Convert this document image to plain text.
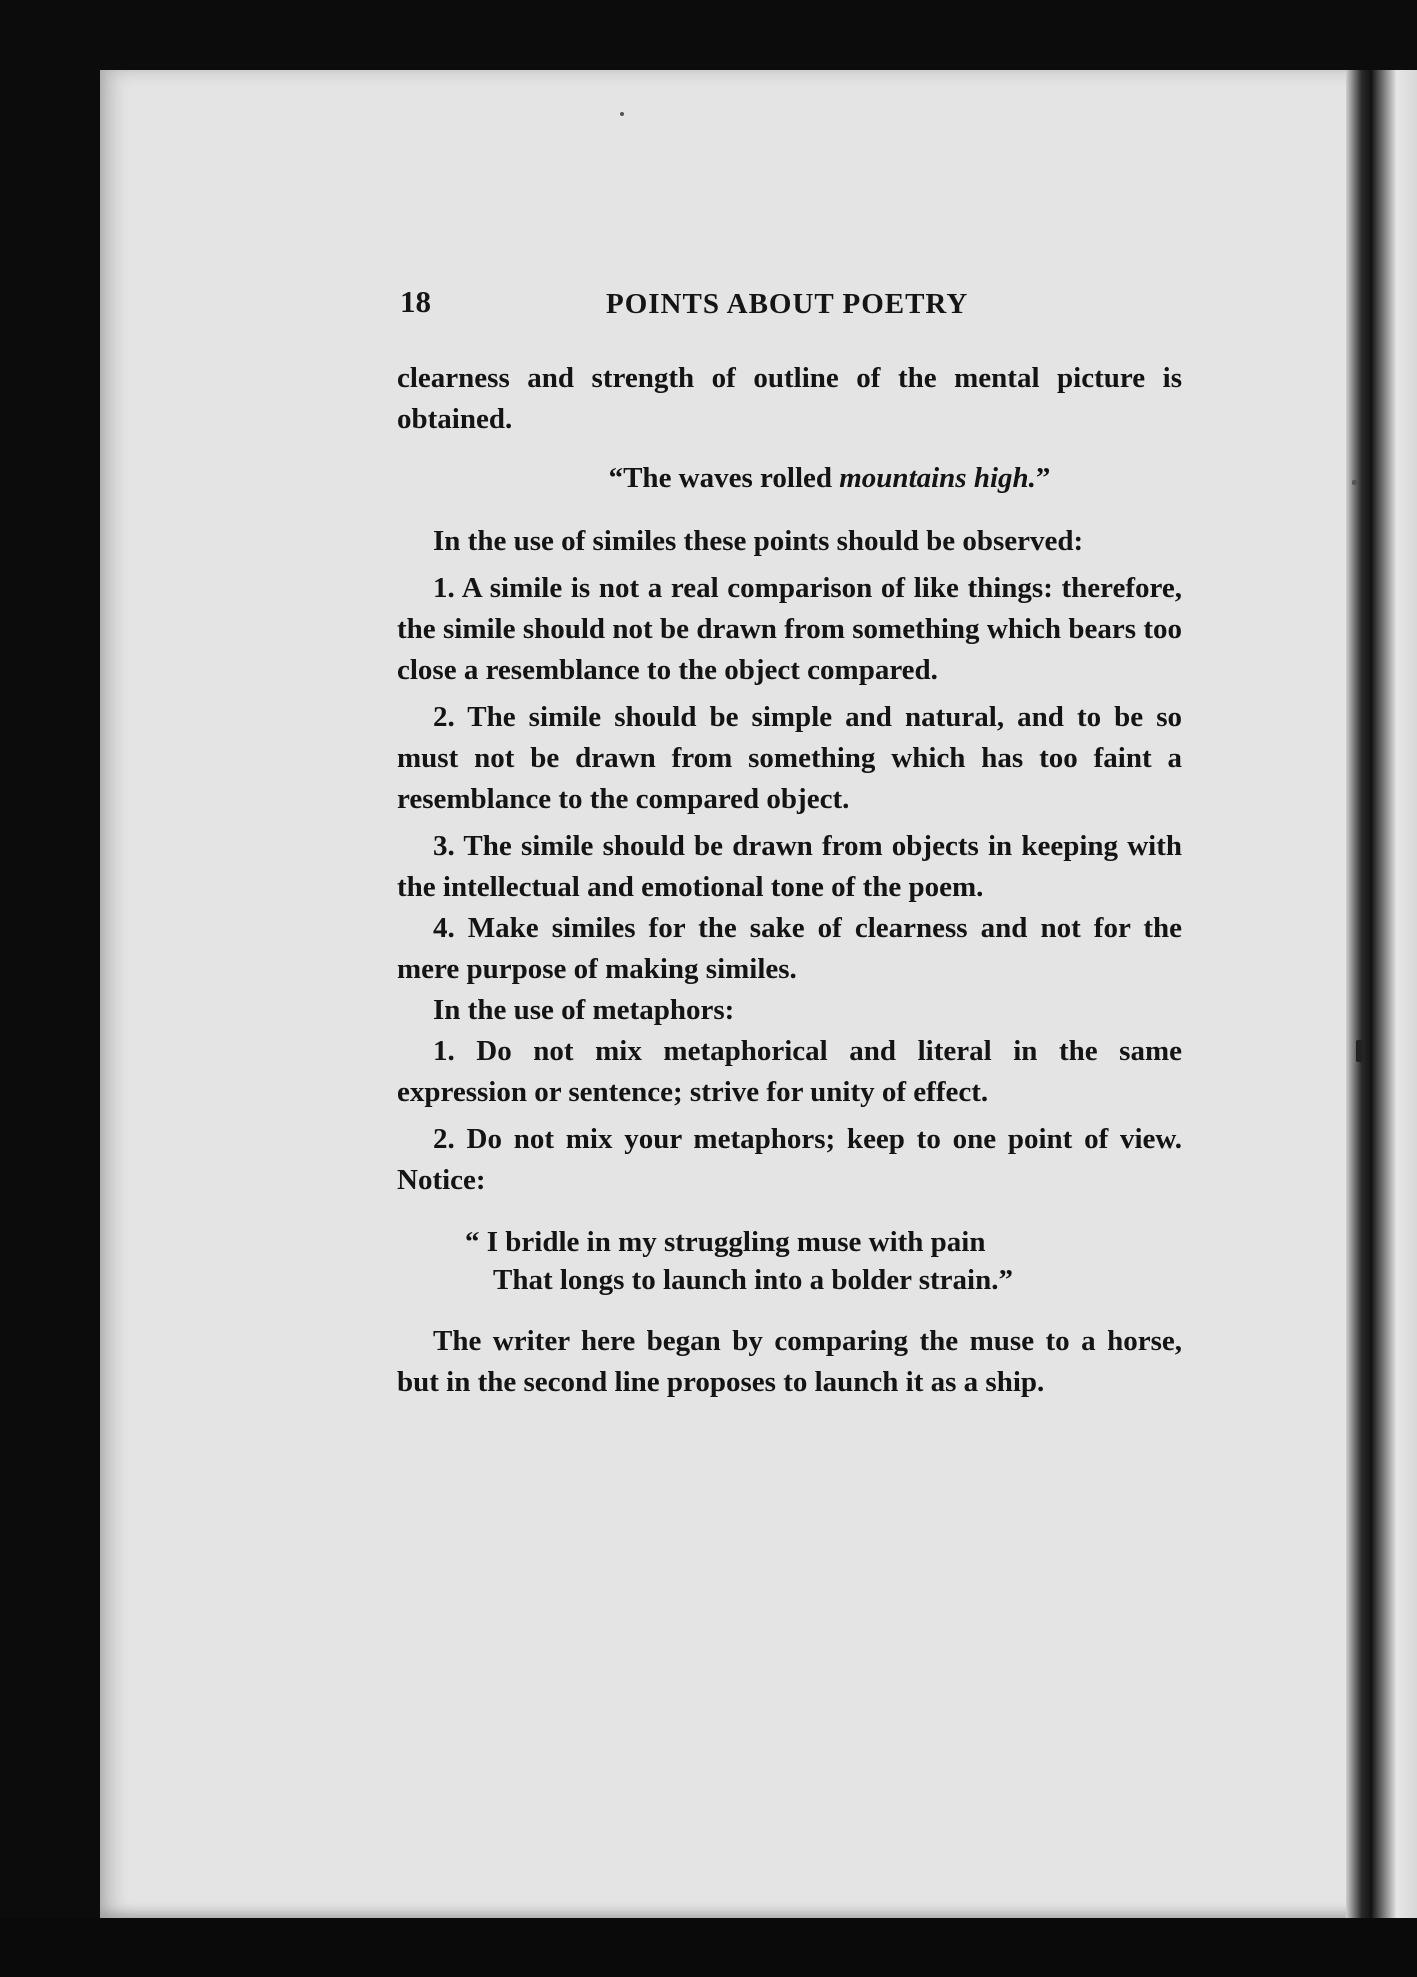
18	POINTS ABOUT POETRY

clearness and strength of outline of the mental picture is obtained.

“The waves rolled mountains high.”

In the use of similes these points should be observed:

1. A simile is not a real comparison of like things: therefore, the simile should not be drawn from something which bears too close a resemblance to the object compared.

2. The simile should be simple and natural, and to be so must not be drawn from something which has too faint a resemblance to the compared object.

3. The simile should be drawn from objects in keeping with the intellectual and emotional tone of the poem.

4. Make similes for the sake of clearness and not for the mere purpose of making similes.

In the use of metaphors:

1. Do not mix metaphorical and literal in the same expression or sentence; strive for unity of effect.

2. Do not mix your metaphors; keep to one point of view. Notice:

“ I bridle in my struggling muse with pain
That longs to launch into a bolder strain.”

The writer here began by comparing the muse to a horse, but in the second line proposes to launch it as a ship.
